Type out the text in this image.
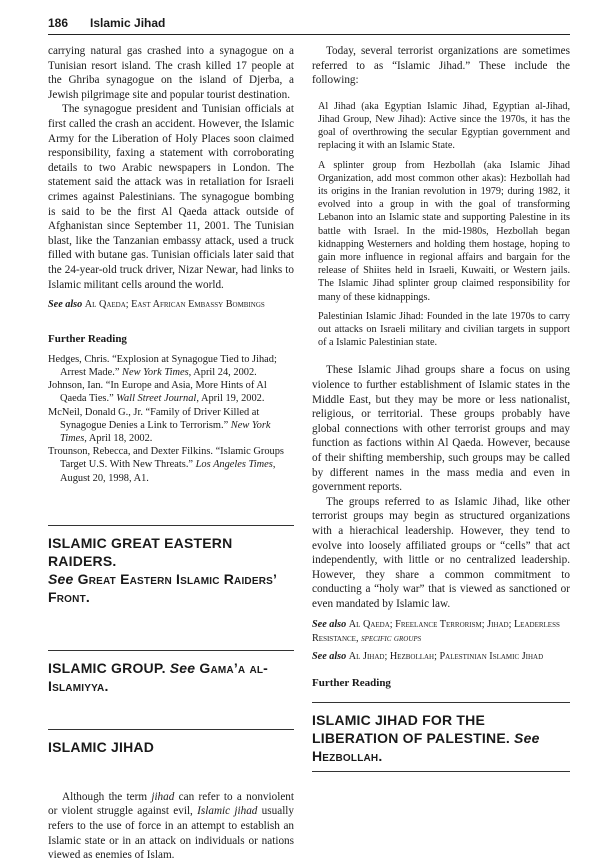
186 Islamic Jihad

carrying natural gas crashed into a synagogue on a Tunisian resort island. The crash killed 17 people at the Ghriba synagogue on the island of Djerba, a Jewish pilgrimage site and popular tourist destination.

The synagogue president and Tunisian officials at first called the crash an accident. However, the Islamic Army for the Liberation of Holy Places soon claimed responsibility, faxing a statement with corroborating details to two Arabic newspapers in London. The statement said the attack was in retaliation for Israeli crimes against Palestinians. The synagogue bombing is said to be the first Al Qaeda attack outside of Afghanistan since September 11, 2001. The Tunisian blast, like the Tanzanian embassy attack, used a truck filled with butane gas. Tunisian officials later said that the 24-year-old truck driver, Nizar Newar, had links to Islamic militant cells around the world.

See also Al Qaeda; East African Embassy Bombings
Further Reading

Hedges, Chris. “Explosion at Synagogue Tied to Jihad; Arrest Made.” New York Times, April 24, 2002.

Johnson, Ian. “In Europe and Asia, More Hints of Al Qaeda Ties.” Wall Street Journal, April 19, 2002.

McNeil, Donald G., Jr. “Family of Driver Killed at Synagogue Denies a Link to Terrorism.” New York Times, April 18, 2002.

Trounson, Rebecca, and Dexter Filkins. “Islamic Groups Target U.S. With New Threats.” Los Angeles Times, August 20, 1998, A1.

ISLAMIC GREAT EASTERN RAIDERS.
See Great Eastern Islamic Raiders’ Front.
ISLAMIC GROUP. See Gama’a al-Islamiyya.
ISLAMIC JIHAD

Although the term jihad can refer to a nonviolent or violent struggle against evil, Islamic jihad usually refers to the use of force in an attempt to establish an Islamic state or in an attack on individuals or nations viewed as enemies of Islam.

Today, several terrorist organizations are sometimes referred to as “Islamic Jihad.” These include the following:

Al Jihad (aka Egyptian Islamic Jihad, Egyptian al-Jihad, Jihad Group, New Jihad): Active since the 1970s, it has the goal of overthrowing the secular Egyptian government and replacing it with an Islamic State.

A splinter group from Hezbollah (aka Islamic Jihad Organization, add most common other akas): Hezbollah had its origins in the Iranian revolution in 1979; during 1982, it evolved into a group in with the goal of transforming Lebanon into an Islamic state and supporting Palestine in its battle with Israel. In the mid-1980s, Hezbollah began kidnapping Westerners and holding them hostage, hoping to gain more influence in regional affairs and bargain for the release of Shiites held in Israeli, Kuwaiti, or Western jails. The Islamic Jihad splinter group claimed responsibility for many of these kidnappings.

Palestinian Islamic Jihad: Founded in the late 1970s to carry out attacks on Israeli military and civilian targets in support of a Islamic Palestinian state.

These Islamic Jihad groups share a focus on using violence to further establishment of Islamic states in the Middle East, but they may be more or less nationalist, religious, or territorial. These groups probably have global connections with other terrorist groups and may function as factions within Al Qaeda. However, because of their shifting membership, such groups may be called by different names in the mass media and even in government reports.

The groups referred to as Islamic Jihad, like other terrorist groups may begin as structured organizations with a hierachical leadership. However, they tend to evolve into loosely affiliated groups or “cells” that act independently, with little or no centralized leadership. However, they share a common commitment to conducting a “holy war” that is viewed as sanctioned or even mandated by Islamic law.

See also Al Qaeda; Freelance Terrorism; Jihad; Leaderless Resistance, specific groups
See also Al Jihad; Hezbollah; Palestinian Islamic Jihad
Further Reading
ISLAMIC JIHAD FOR THE LIBERATION OF PALESTINE. See Hezbollah.
